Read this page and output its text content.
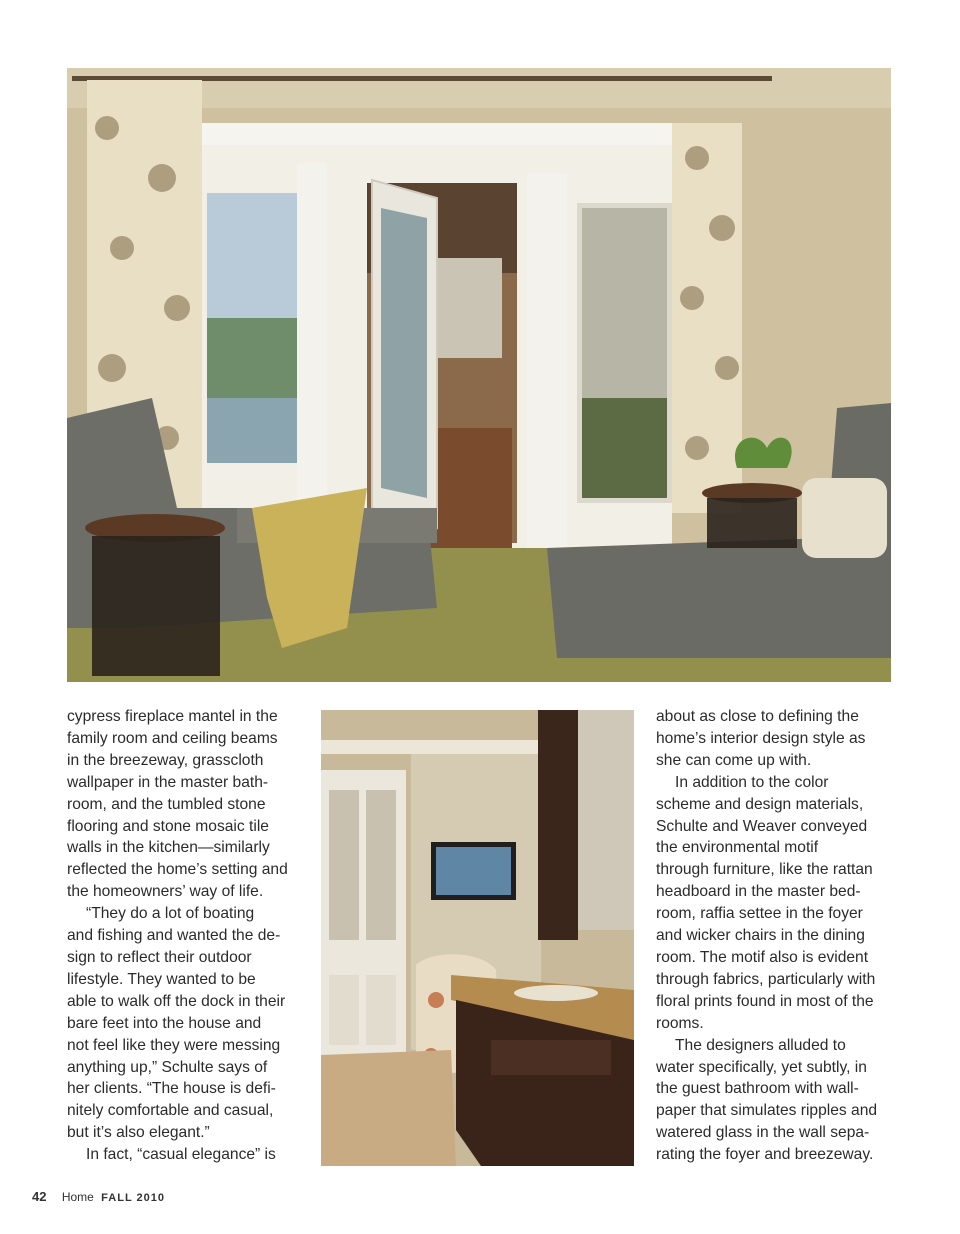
cypress fireplace mantel in the
family room and ceiling beams
in the breezeway, grasscloth
wallpaper in the master bath-
room, and the tumbled stone
flooring and stone mosaic tile
walls in the kitchen—similarly
reflected the home’s setting and
the homeowners’ way of life.
“They do a lot of boating
and fishing and wanted the de-
sign to reflect their outdoor
lifestyle. They wanted to be
able to walk off the dock in their
bare feet into the house and
not feel like they were messing
anything up,” Schulte says of
her clients. “The house is defi-
nitely comfortable and casual,
but it’s also elegant.”
In fact, “casual elegance” is
about as close to defining the
home’s interior design style as
she can come up with.
In addition to the color
scheme and design materials,
Schulte and Weaver conveyed
the environmental motif
through furniture, like the rattan
headboard in the master bed-
room, raffia settee in the foyer
and wicker chairs in the dining
room. The motif also is evident
through fabrics, particularly with
floral prints found in most of the
rooms.
The designers alluded to
water specifically, yet subtly, in
the guest bathroom with wall-
paper that simulates ripples and
watered glass in the wall sepa-
rating the foyer and breezeway.
42 Home FALL 2010
